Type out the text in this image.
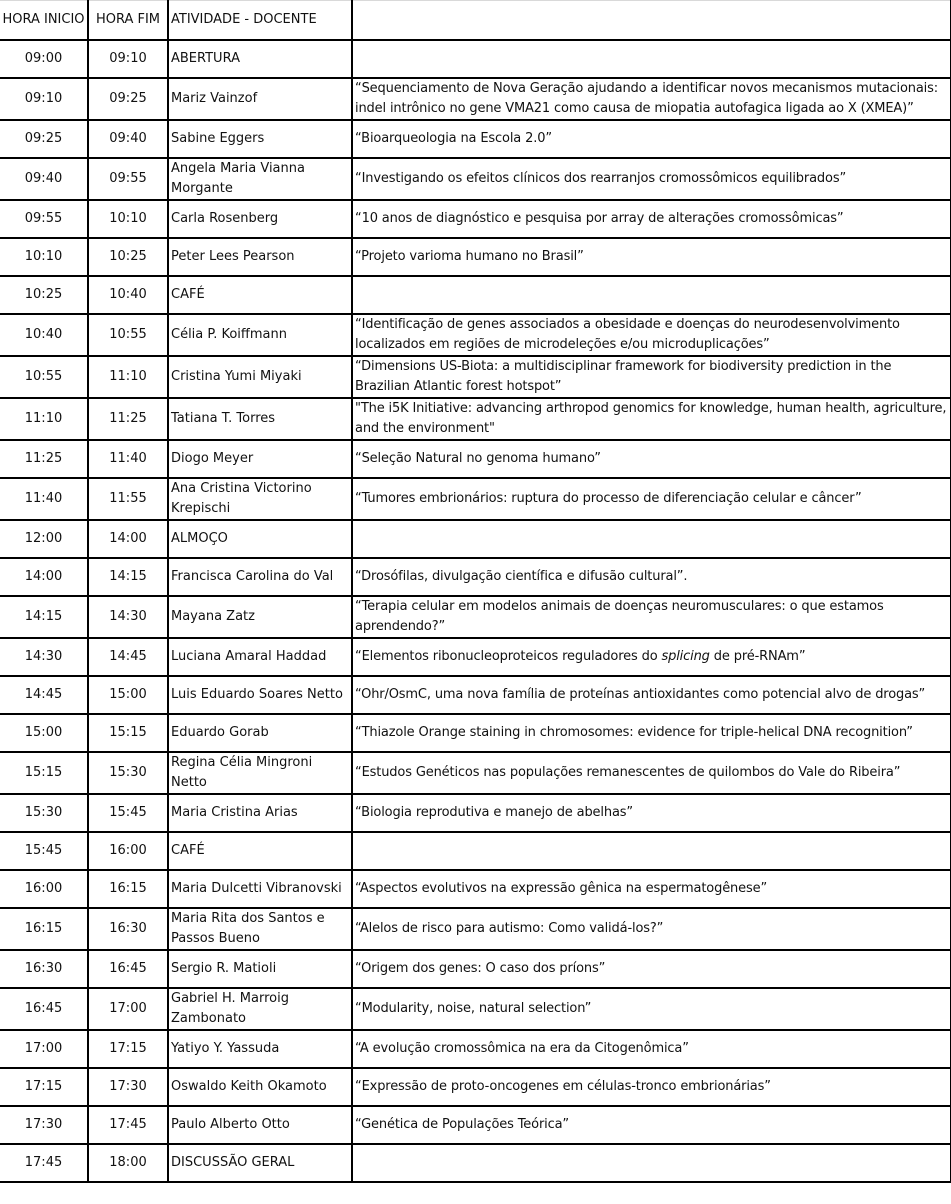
HORA INICIO	HORA FIM	ATIVIDADE - DOCENTE	
09:00	09:10	ABERTURA	
09:10	09:25	Mariz Vainzof	“Sequenciamento de Nova Geração ajudando a identificar novos mecanismos mutacionais: indel intrônico no gene VMA21 como causa de miopatia autofagica ligada ao X (XMEA)”
09:25	09:40	Sabine Eggers	“Bioarqueologia na Escola 2.0”
09:40	09:55	Angela Maria Vianna Morgante	“Investigando os efeitos clínicos dos rearranjos cromossômicos equilibrados”
09:55	10:10	Carla Rosenberg	“10 anos de diagnóstico e pesquisa por array de alterações cromossômicas”
10:10	10:25	Peter Lees Pearson	“Projeto varioma humano no Brasil”
10:25	10:40	CAFÉ	
10:40	10:55	Célia P. Koiffmann	“Identificação de genes associados a obesidade e doenças do neurodesenvolvimento localizados em regiões de microdeleções e/ou microduplicações”
10:55	11:10	Cristina Yumi Miyaki	“Dimensions US-Biota: a multidisciplinar framework for biodiversity prediction in the Brazilian Atlantic forest hotspot”
11:10	11:25	Tatiana T. Torres	"The i5K Initiative: advancing arthropod genomics for knowledge, human health, agriculture, and the environment"
11:25	11:40	Diogo Meyer	“Seleção Natural no genoma humano”
11:40	11:55	Ana Cristina Victorino Krepischi	“Tumores embrionários: ruptura do processo de diferenciação celular e câncer”
12:00	14:00	ALMOÇO	
14:00	14:15	Francisca Carolina do Val	“Drosófilas, divulgação científica e difusão cultural”.
14:15	14:30	Mayana Zatz	“Terapia celular em modelos animais de doenças neuromusculares: o que estamos aprendendo?”
14:30	14:45	Luciana Amaral Haddad	“Elementos ribonucleoproteicos reguladores do splicing de pré-RNAm”
14:45	15:00	Luis Eduardo Soares Netto	“Ohr/OsmC, uma nova família de proteínas antioxidantes como potencial alvo de drogas”
15:00	15:15	Eduardo Gorab	“Thiazole Orange staining in chromosomes: evidence for triple-helical DNA recognition”
15:15	15:30	Regina Célia Mingroni Netto	“Estudos Genéticos nas populações remanescentes de quilombos do Vale do Ribeira”
15:30	15:45	Maria Cristina Arias	“Biologia reprodutiva e manejo de abelhas”
15:45	16:00	CAFÉ	
16:00	16:15	Maria Dulcetti Vibranovski	“Aspectos evolutivos na expressão gênica na espermatogênese”
16:15	16:30	Maria Rita dos Santos e Passos Bueno	“Alelos de risco para autismo: Como validá-los?”
16:30	16:45	Sergio R. Matioli	“Origem dos genes: O caso dos príons”
16:45	17:00	Gabriel H. Marroig Zambonato	“Modularity, noise, natural selection”
17:00	17:15	Yatiyo Y. Yassuda	“A evolução cromossômica na era da Citogenômica”
17:15	17:30	Oswaldo Keith Okamoto	“Expressão de proto-oncogenes em células-tronco embrionárias”
17:30	17:45	Paulo Alberto Otto	“Genética de Populações Teórica”
17:45	18:00	DISCUSSÃO GERAL	
